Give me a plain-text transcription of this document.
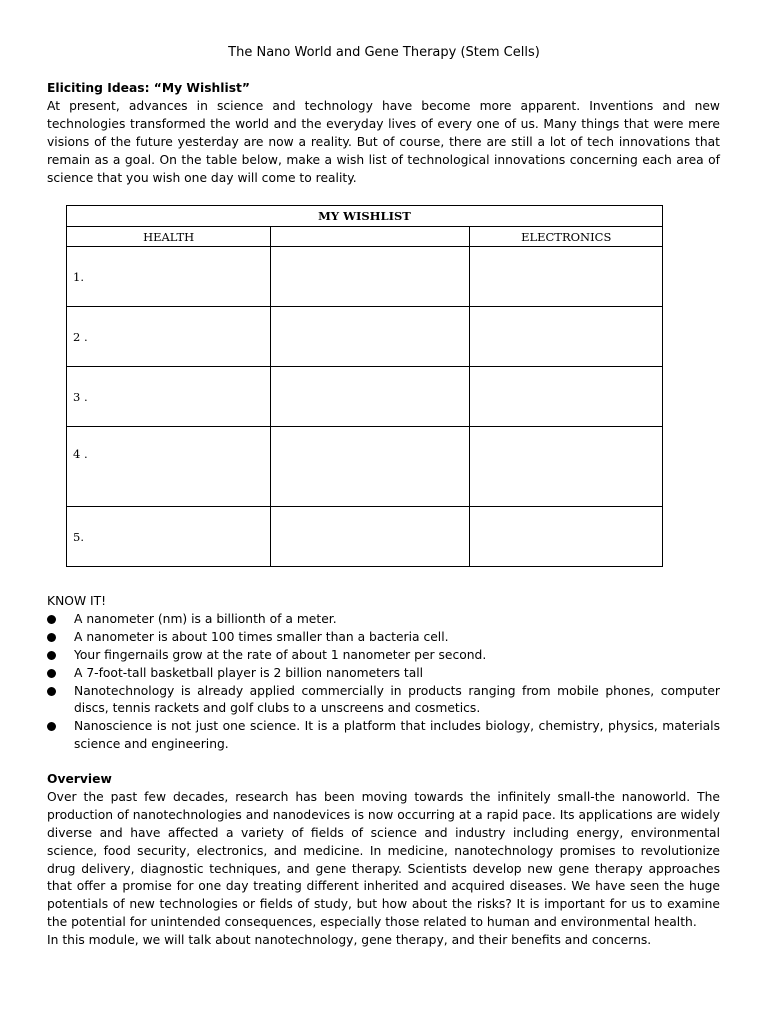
The Nano World and Gene Therapy (Stem Cells)
Eliciting Ideas: “My Wishlist”
At present, advances in science and technology have become more apparent. Inventions and new technologies transformed the world and the everyday lives of every one of us. Many things that were mere visions of the future yesterday are now a reality. But of course, there are still a lot of tech innovations that remain as a goal. On the table below, make a wish list of technological innovations concerning each area of science that you wish one day will come to reality.
MY WISHLIST		
HEALTH		ELECTRONICS
1.		
2 .		
3 .		
4 .		
5.		
KNOW IT!
A nanometer (nm) is a billionth of a meter.
A nanometer is about 100 times smaller than a bacteria cell.
Your fingernails grow at the rate of about 1 nanometer per second.
A 7-foot-tall basketball player is 2 billion nanometers tall
Nanotechnology is already applied commercially in products ranging from mobile phones, computer discs, tennis rackets and golf clubs to a unscreens and cosmetics.
Nanoscience is not just one science. It is a platform that includes biology, chemistry, physics, materials science and engineering.
Overview
Over the past few decades, research has been moving towards the infinitely small-the nanoworld. The production of nanotechnologies and nanodevices is now occurring at a rapid pace. Its applications are widely diverse and have affected a variety of fields of science and industry including energy, environmental science, food security, electronics, and medicine. In medicine, nanotechnology promises to revolutionize drug delivery, diagnostic techniques, and gene therapy. Scientists develop new gene therapy approaches that offer a promise for one day treating different inherited and acquired diseases. We have seen the huge potentials of new technologies or fields of study, but how about the risks? It is important for us to examine the potential for unintended consequences, especially those related to human and environmental health.
In this module, we will talk about nanotechnology, gene therapy, and their benefits and concerns.
